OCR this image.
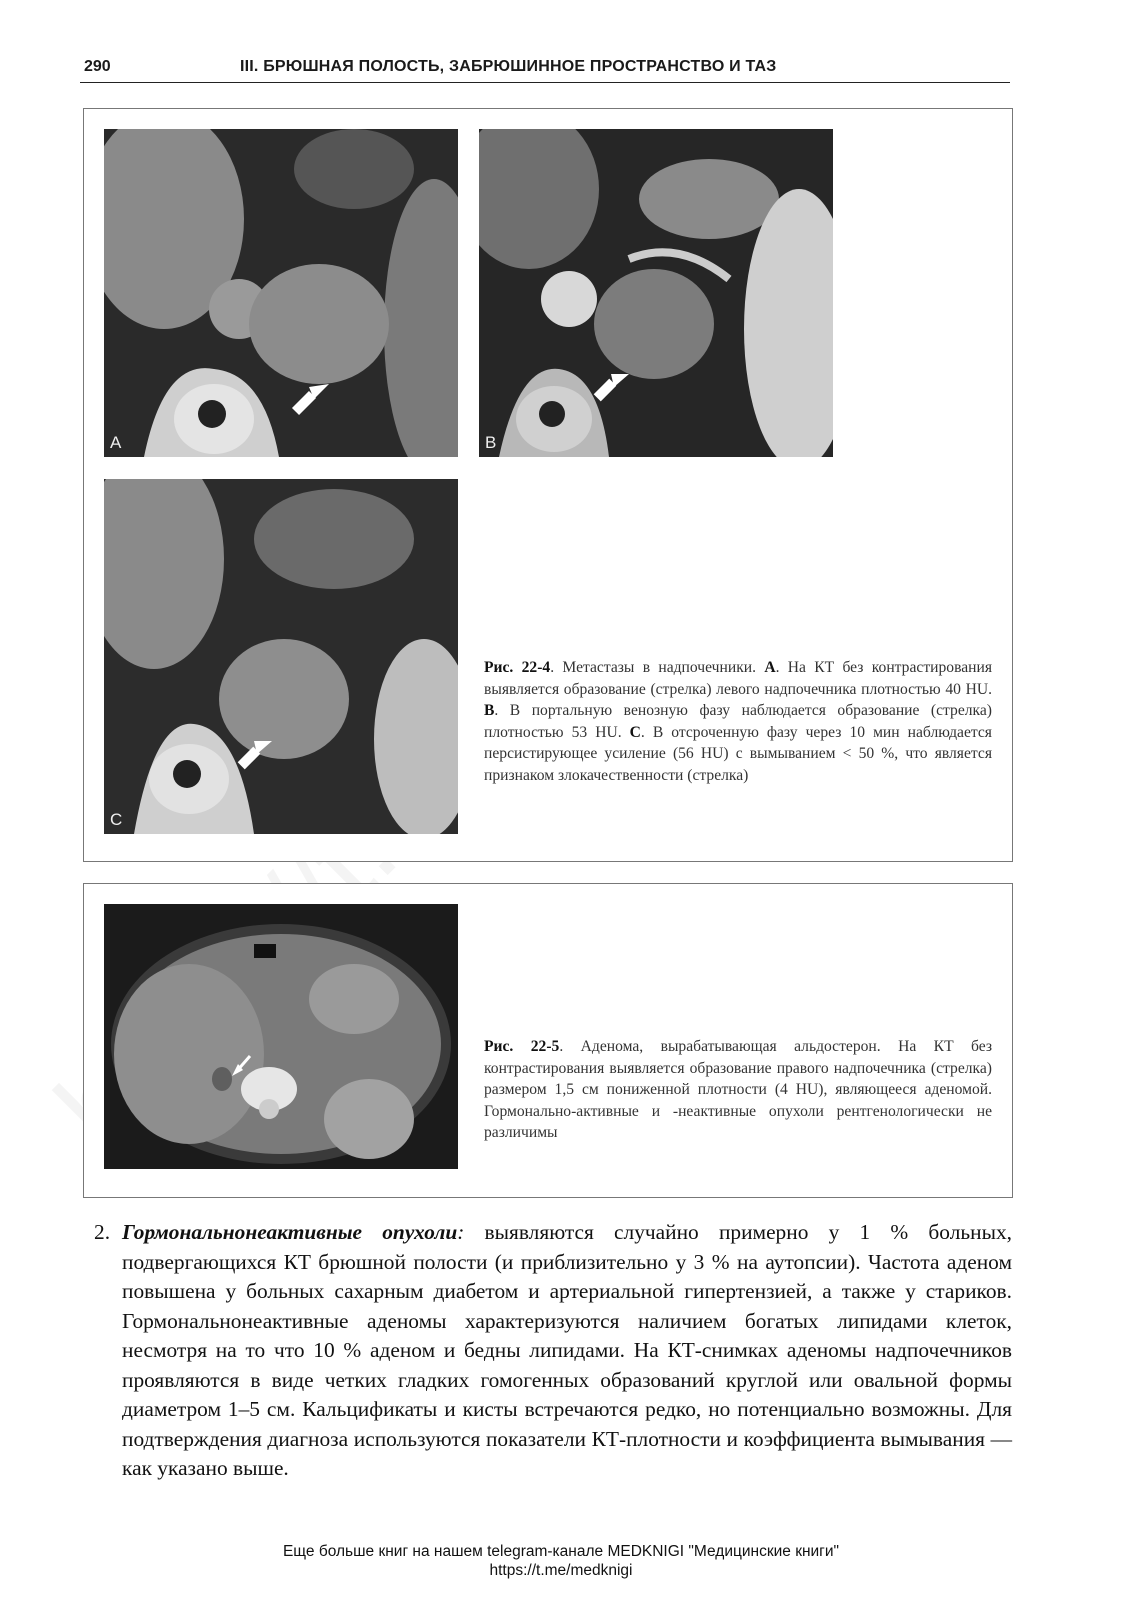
290	III. БРЮШНАЯ ПОЛОСТЬ, ЗАБРЮШИННОЕ ПРОСТРАНСТВО И ТАЗ
A	B
C
Рис. 22-4. Метастазы в надпочечники. А. На КТ без контрастирования выявляется образование (стрелка) левого надпочечника плотностью 40 HU. В. В портальную венозную фазу наблюдается образование (стрелка) плотностью 53 HU. С. В отсроченную фазу через 10 мин наблюдается персистирующее усиление (56 HU) с вымыванием < 50 %, что является признаком злокачественности (стрелка)
Рис. 22-5. Аденома, вырабатывающая альдостерон. На КТ без контрастирования выявляется образование правого надпочечника (стрелка) размером 1,5 см пониженной плотности (4 HU), являющееся аденомой. Гормонально-активные и -неактивные опухоли рентгенологически не различимы
2. Гормональнонеактивные опухоли: выявляются случайно примерно у 1 % больных, подвергающихся КТ брюшной полости (и приблизительно у 3 % на аутопсии). Частота аденом повышена у больных сахарным диабетом и артериальной гипертензией, а также у стариков. Гормональнонеактивные аденомы характеризуются наличием богатых липидами клеток, несмотря на то что 10 % аденом и бедны липидами. На КТ-снимках аденомы надпочечников проявляются в виде четких гладких гомогенных образований круглой или овальной формы диаметром 1–5 см. Кальцификаты и кисты встречаются редко, но потенциально возможны. Для подтверждения диагноза используются показатели КТ-плотности и коэффициента вымывания — как указано выше.
Еще больше книг на нашем telegram-канале MEDKNIGI "Медицинские книги"
https://t.me/medknigi
